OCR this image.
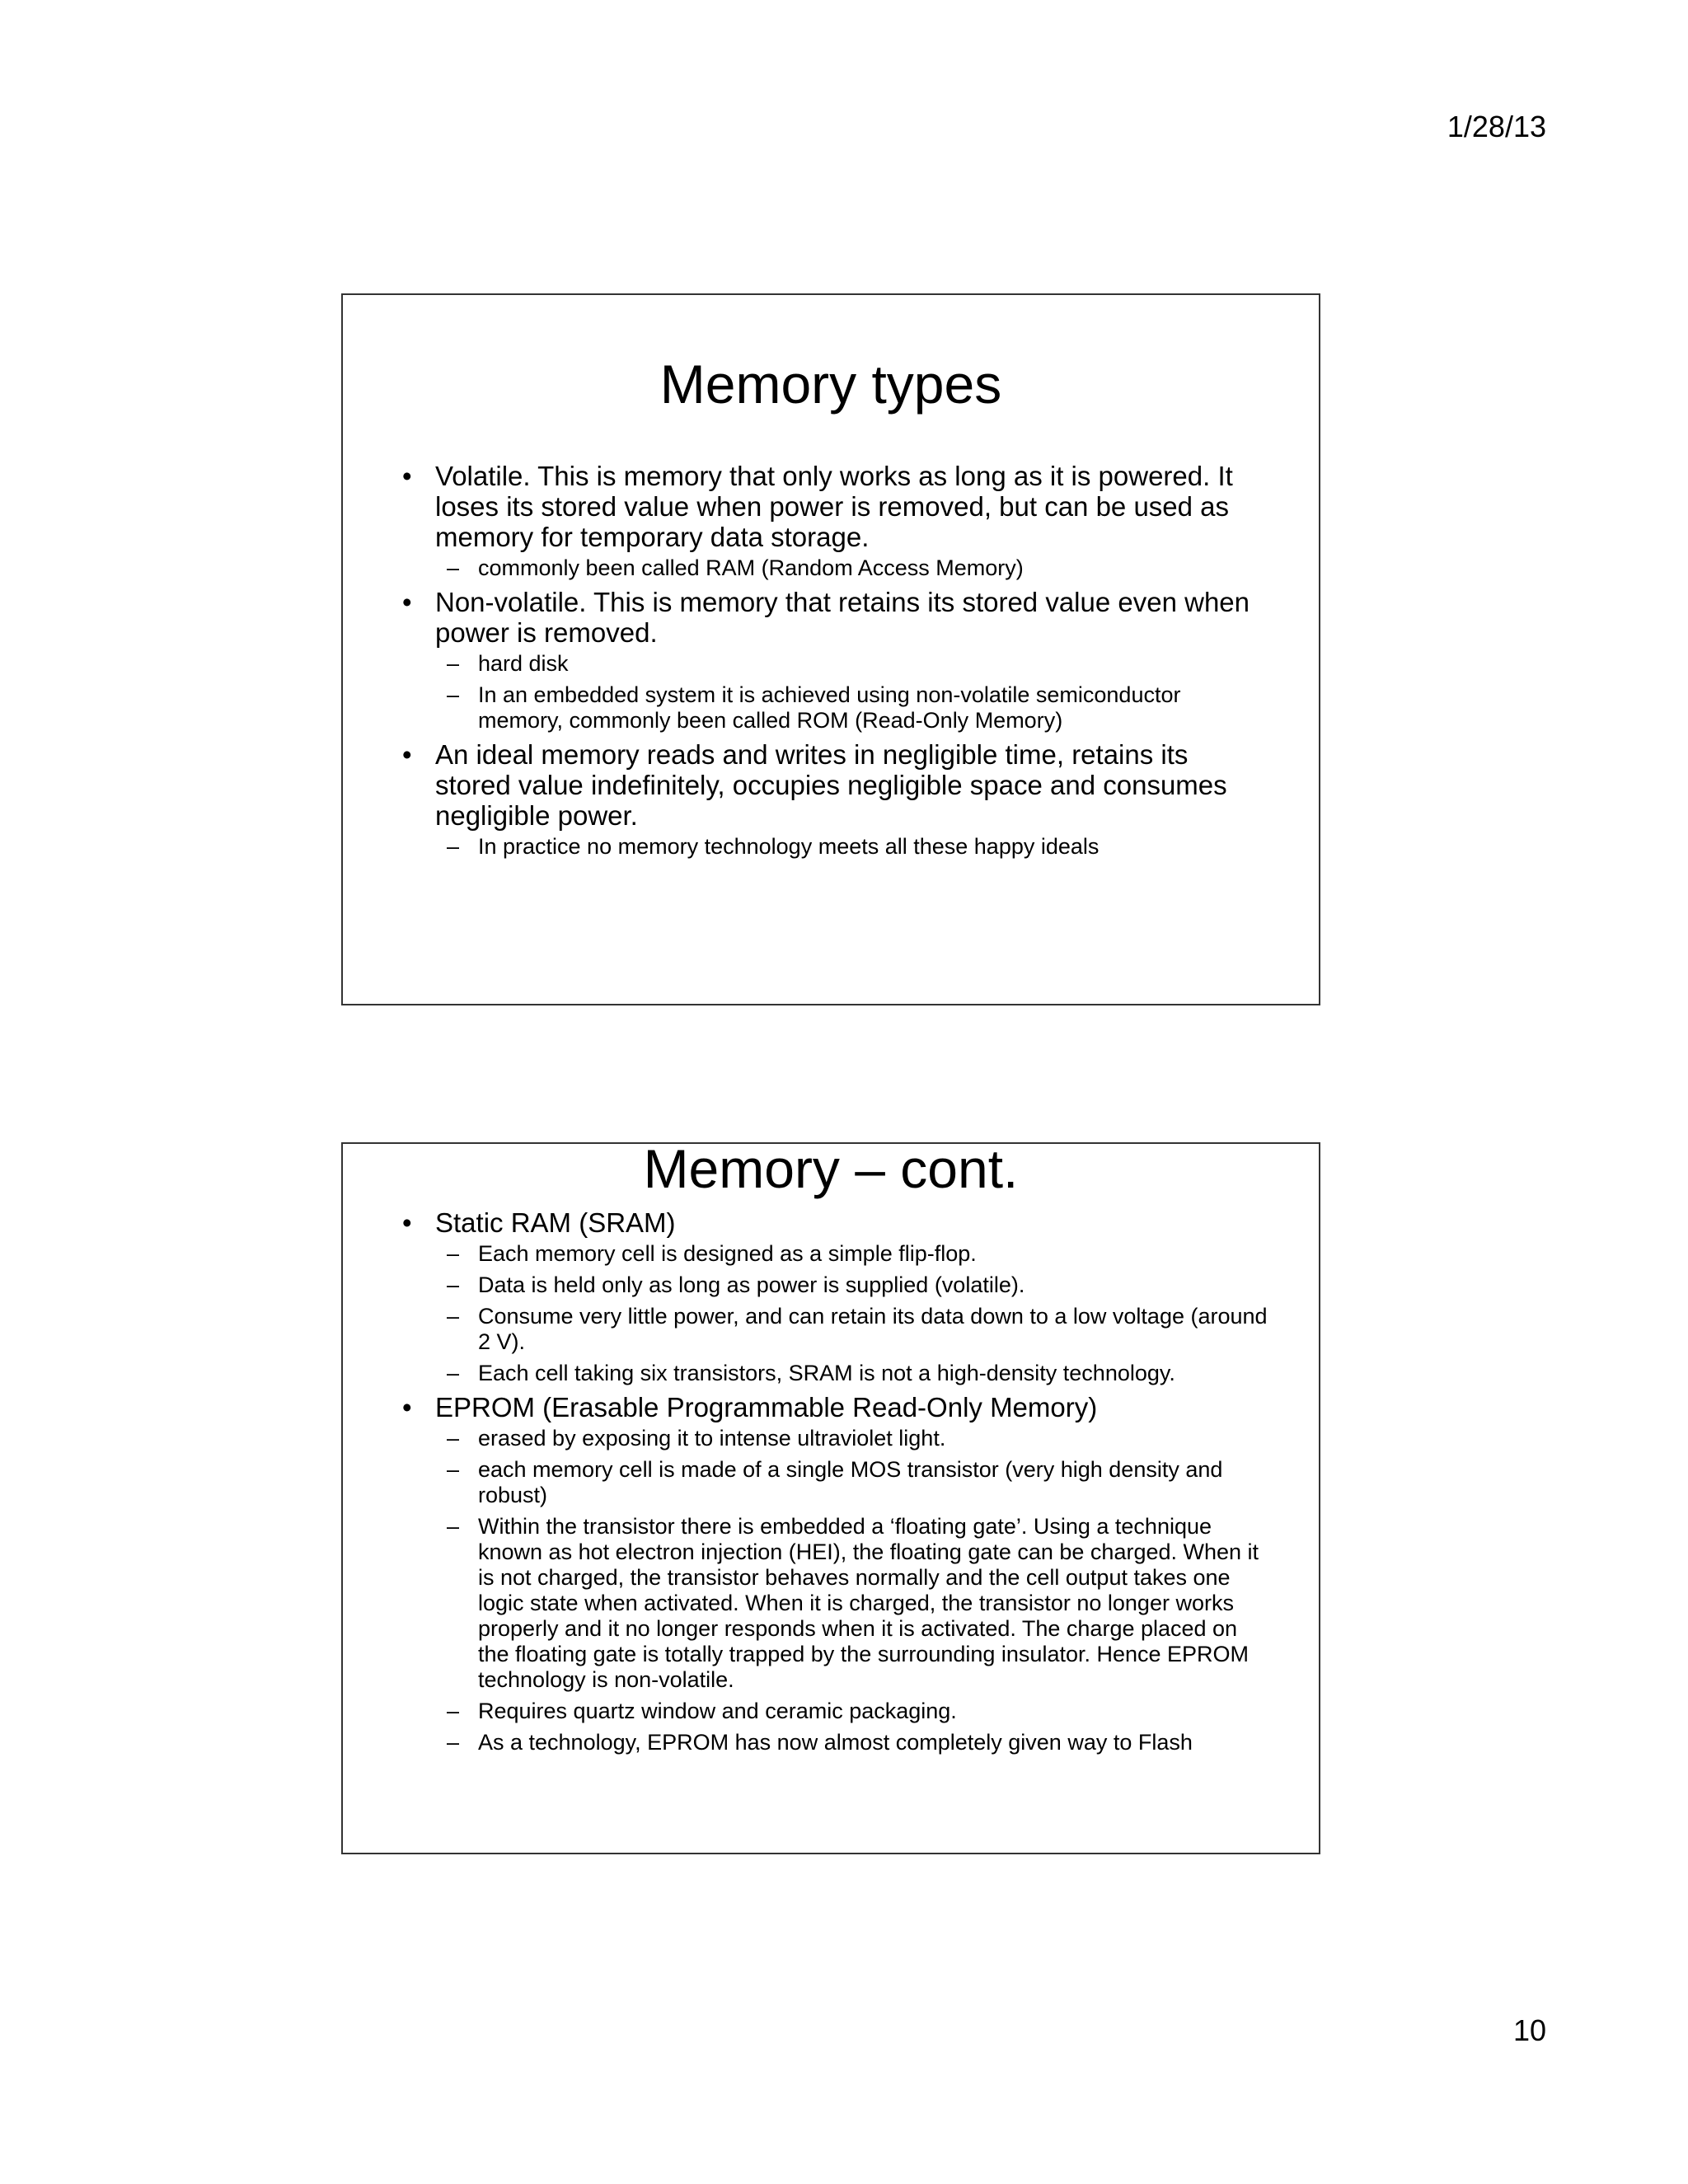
1/28/13
Memory types
• Volatile. This is memory that only works as long as it is powered. It loses its stored value when power is removed, but can be used as memory for temporary data storage.
– commonly been called RAM (Random Access Memory)
• Non-volatile. This is memory that retains its stored value even when power is removed.
– hard disk
– In an embedded system it is achieved using non-volatile semiconductor memory, commonly been called ROM (Read-Only Memory)
• An ideal memory reads and writes in negligible time, retains its stored value indefinitely, occupies negligible space and consumes negligible power.
– In practice no memory technology meets all these happy ideals
Memory – cont.
• Static RAM (SRAM)
– Each memory cell is designed as a simple flip-flop.
– Data is held only as long as power is supplied (volatile).
– Consume very little power, and can retain its data down to a low voltage (around 2 V).
– Each cell taking six transistors, SRAM is not a high-density technology.
• EPROM (Erasable Programmable Read-Only Memory)
– erased by exposing it to intense ultraviolet light.
– each memory cell is made of a single MOS transistor (very high density and robust)
– Within the transistor there is embedded a ‘floating gate’. Using a technique known as hot electron injection (HEI), the floating gate can be charged. When it is not charged, the transistor behaves normally and the cell output takes one logic state when activated. When it is charged, the transistor no longer works properly and it no longer responds when it is activated. The charge placed on the floating gate is totally trapped by the surrounding insulator. Hence EPROM technology is non-volatile.
– Requires quartz window and ceramic packaging.
– As a technology, EPROM has now almost completely given way to Flash
10
